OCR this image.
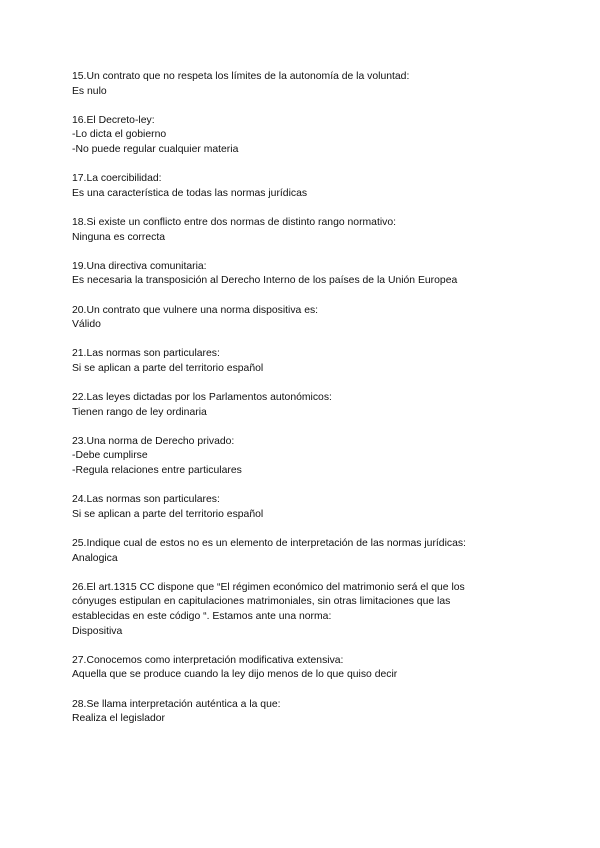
15.Un contrato que no respeta los límites de la autonomía de la voluntad:
Es nulo
16.El Decreto-ley:
-Lo dicta el gobierno
-No puede regular cualquier materia
17.La coercibilidad:
Es una característica de todas las normas jurídicas
18.Si existe un conflicto entre dos normas de distinto rango normativo:
Ninguna es correcta
19.Una directiva comunitaria:
Es necesaria la transposición al Derecho Interno de los países de la Unión Europea
20.Un contrato que vulnere una norma dispositiva es:
Válido
21.Las normas son particulares:
Si se aplican a parte del territorio español
22.Las leyes dictadas por los Parlamentos autonómicos:
Tienen rango de ley ordinaria
23.Una norma de Derecho privado:
-Debe cumplirse
-Regula relaciones entre particulares
24.Las normas son particulares:
Si se aplican a parte del territorio español
25.Indique cual de estos no es un elemento de interpretación de las normas jurídicas:
Analogica
26.El art.1315 CC dispone que “El régimen económico del matrimonio será el que los
cónyuges estipulan en capitulaciones matrimoniales, sin otras limitaciones que las
establecidas en este código “. Estamos ante una norma:
Dispositiva
27.Conocemos como interpretación modificativa extensiva:
Aquella que se produce cuando la ley dijo menos de lo que quiso decir
28.Se llama interpretación auténtica a la que:
Realiza el legislador
